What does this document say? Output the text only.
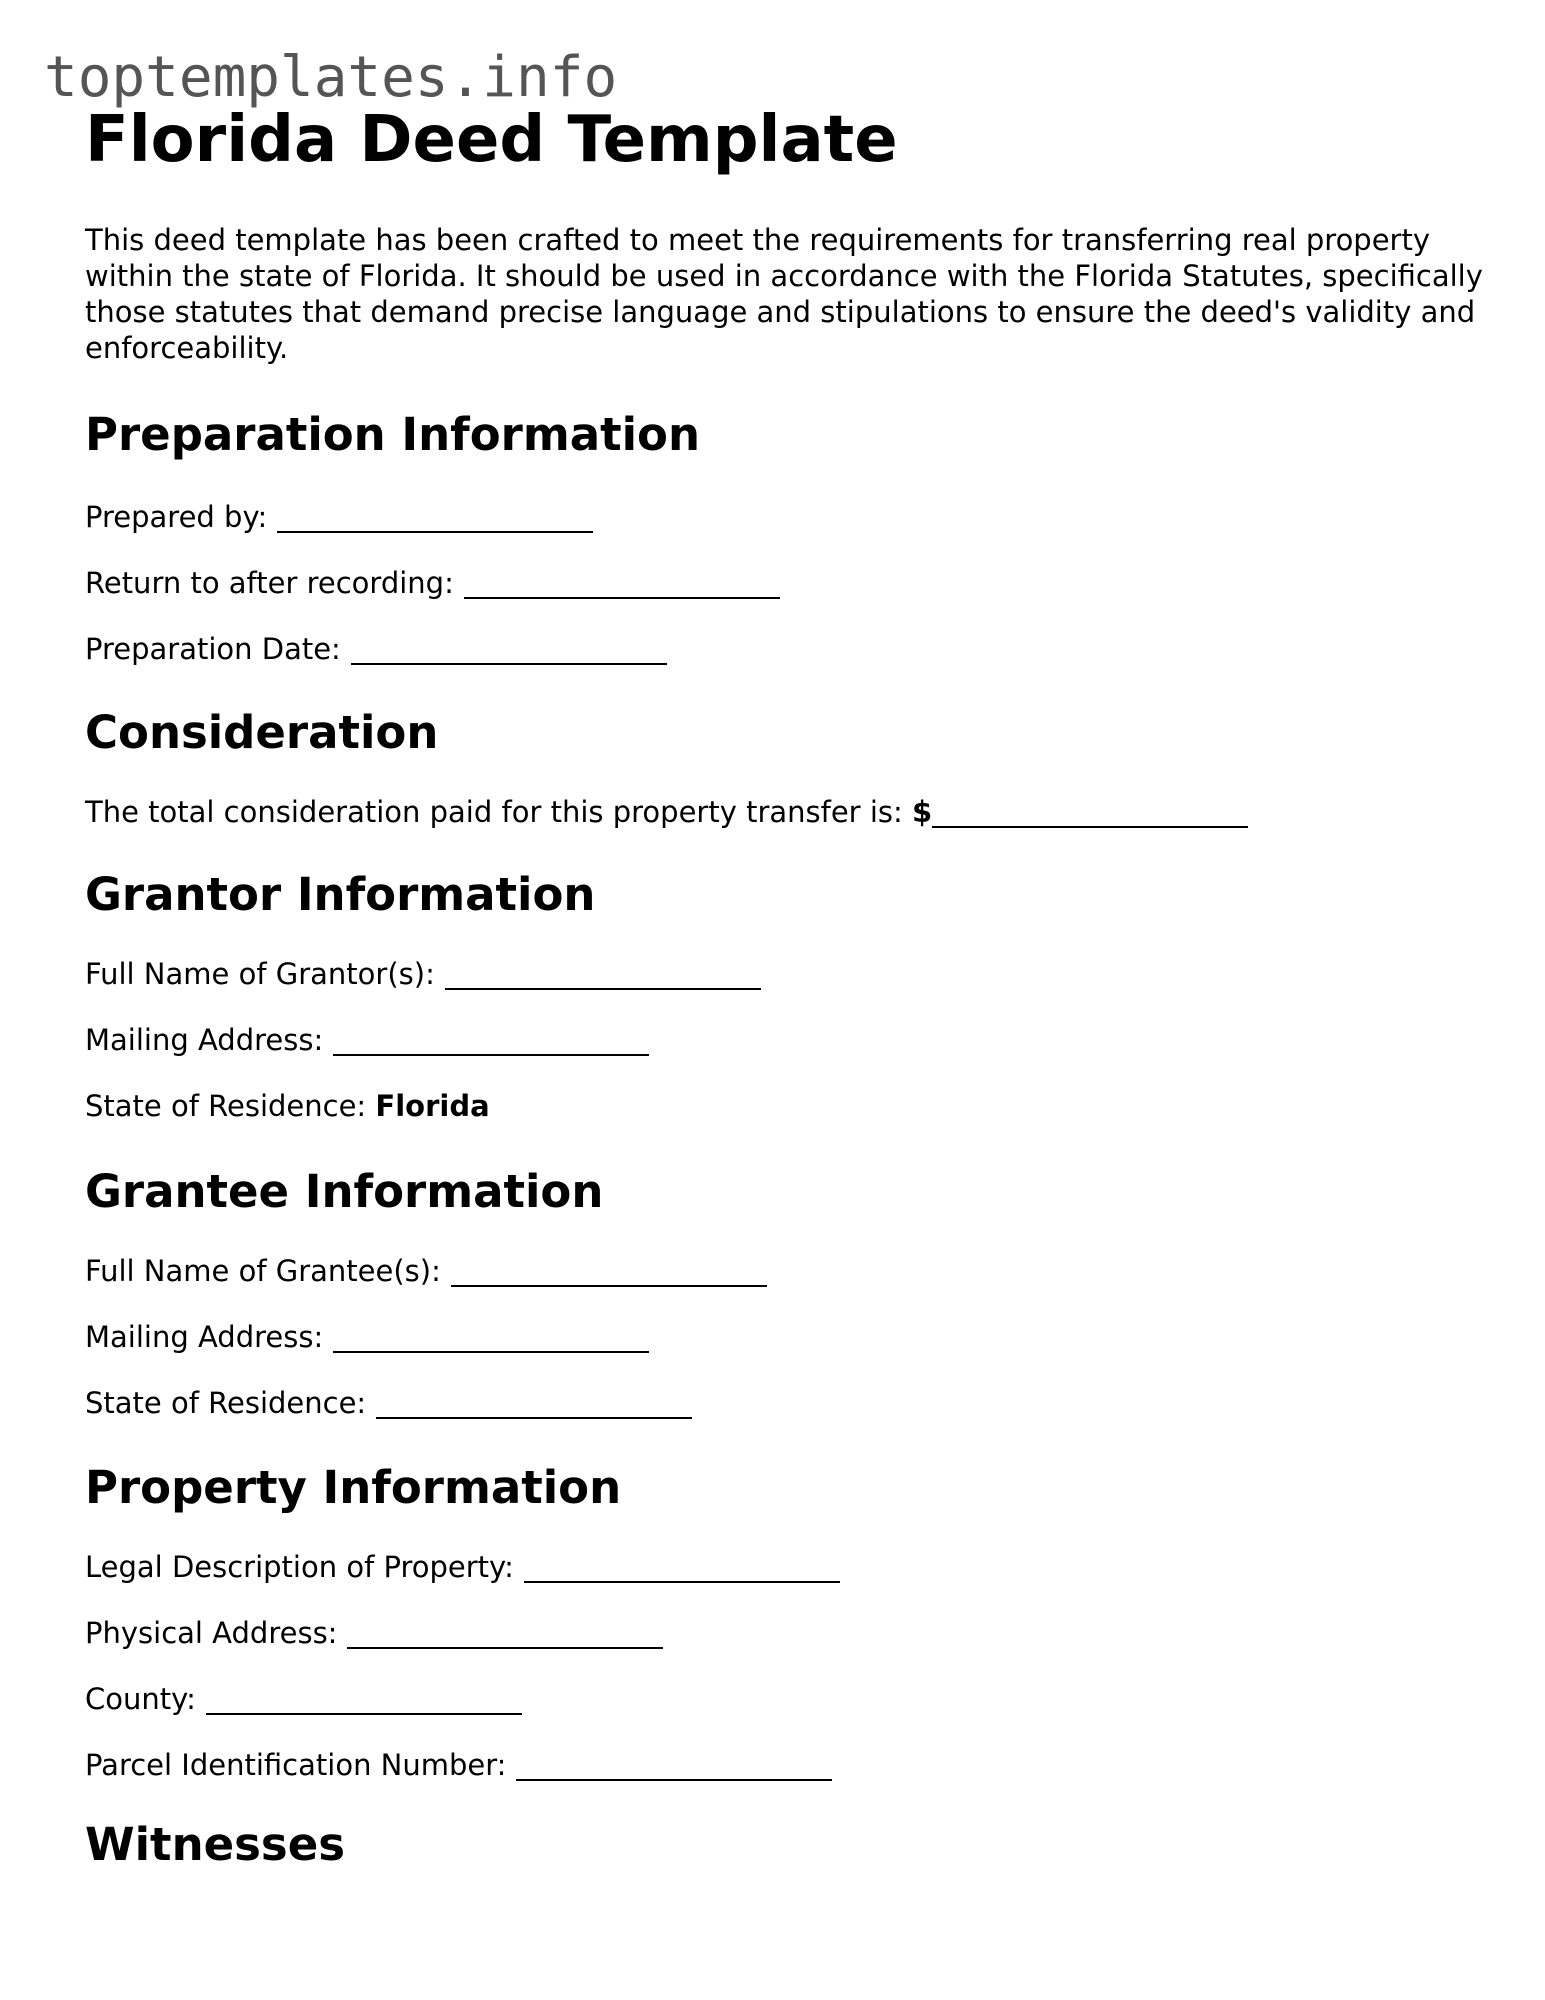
toptemplates.info
Florida Deed Template

This deed template has been crafted to meet the requirements for transferring real property within the state of Florida. It should be used in accordance with the Florida Statutes, specifically those statutes that demand precise language and stipulations to ensure the deed's validity and enforceability.

Preparation Information
Prepared by:
Return to after recording:
Preparation Date:
Consideration
The total consideration paid for this property transfer is: $
Grantor Information
Full Name of Grantor(s):
Mailing Address:
State of Residence: Florida
Grantee Information
Full Name of Grantee(s):
Mailing Address:
State of Residence:
Property Information
Legal Description of Property:
Physical Address:
County:
Parcel Identification Number:
Witnesses
